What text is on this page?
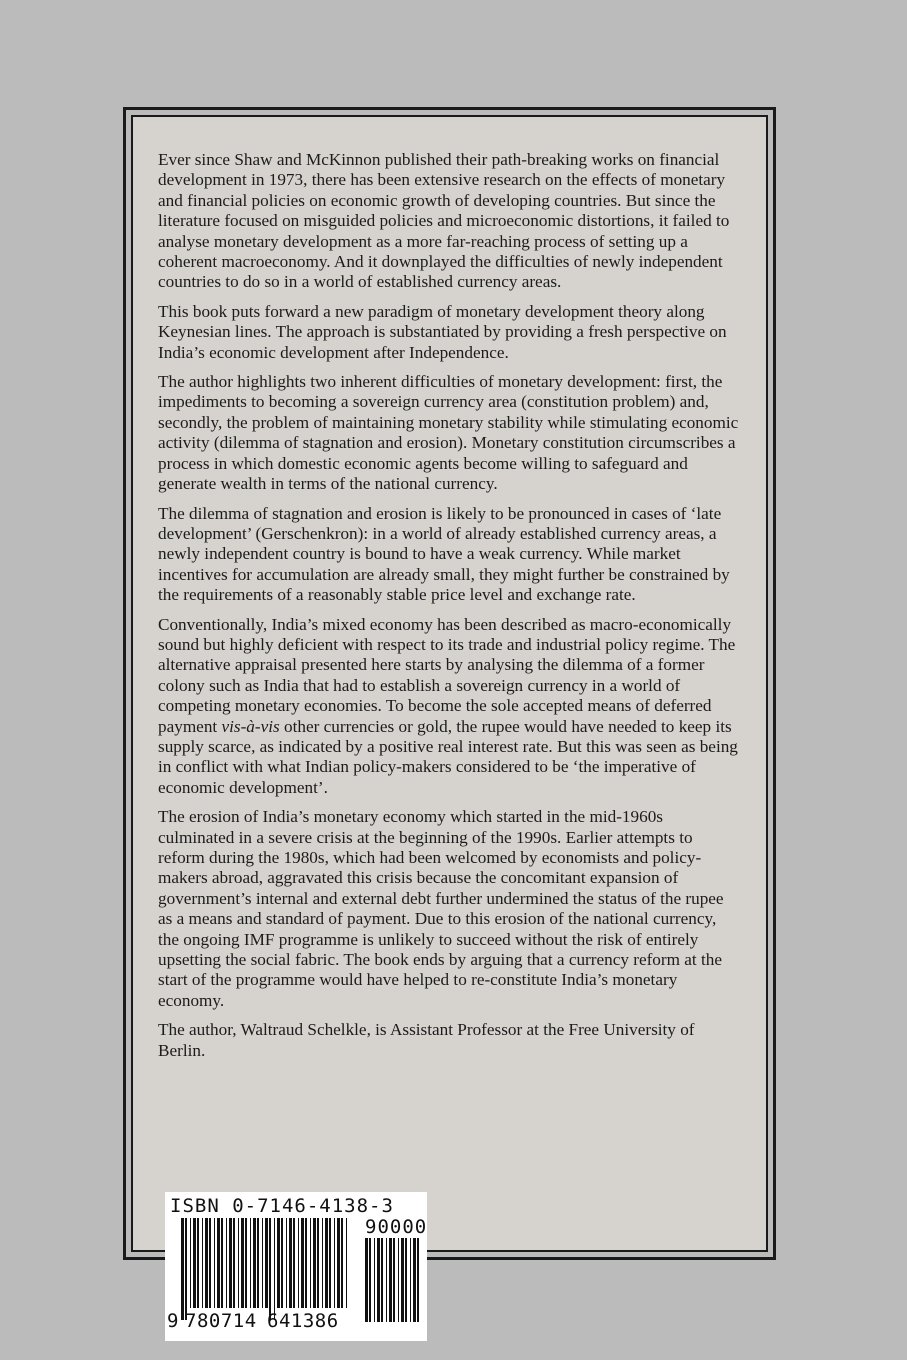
Ever since Shaw and McKinnon published their path-breaking works on financial development in 1973, there has been extensive research on the effects of monetary and financial policies on economic growth of developing countries. But since the literature focused on misguided policies and microeconomic distortions, it failed to analyse monetary development as a more far-reaching process of setting up a coherent macroeconomy. And it downplayed the difficulties of newly independent countries to do so in a world of established currency areas.

This book puts forward a new paradigm of monetary development theory along Keynesian lines. The approach is substantiated by providing a fresh perspective on India’s economic development after Independence.

The author highlights two inherent difficulties of monetary development: first, the impediments to becoming a sovereign currency area (constitution problem) and, secondly, the problem of maintaining monetary stability while stimulating economic activity (dilemma of stagnation and erosion). Monetary constitution circumscribes a process in which domestic economic agents become willing to safeguard and generate wealth in terms of the national currency.

The dilemma of stagnation and erosion is likely to be pronounced in cases of ‘late development’ (Gerschenkron): in a world of already established currency areas, a newly independent country is bound to have a weak currency. While market incentives for accumulation are already small, they might further be constrained by the requirements of a reasonably stable price level and exchange rate.

Conventionally, India’s mixed economy has been described as macro-economically sound but highly deficient with respect to its trade and industrial policy regime. The alternative appraisal presented here starts by analysing the dilemma of a former colony such as India that had to establish a sovereign currency in a world of competing monetary economies. To become the sole accepted means of deferred payment vis-à-vis other currencies or gold, the rupee would have needed to keep its supply scarce, as indicated by a positive real interest rate. But this was seen as being in conflict with what Indian policy-makers considered to be ‘the imperative of economic development’.

The erosion of India’s monetary economy which started in the mid-1960s culminated in a severe crisis at the beginning of the 1990s. Earlier attempts to reform during the 1980s, which had been welcomed by economists and policy-makers abroad, aggravated this crisis because the concomitant expansion of government’s internal and external debt further undermined the status of the rupee as a means and standard of payment. Due to this erosion of the national currency, the ongoing IMF programme is unlikely to succeed without the risk of entirely upsetting the social fabric. The book ends by arguing that a currency reform at the start of the programme would have helped to re-constitute India’s monetary economy.

The author, Waltraud Schelkle, is Assistant Professor at the Free University of Berlin.

ISBN 0-7146-4138-3
90000
9 780714 641386
